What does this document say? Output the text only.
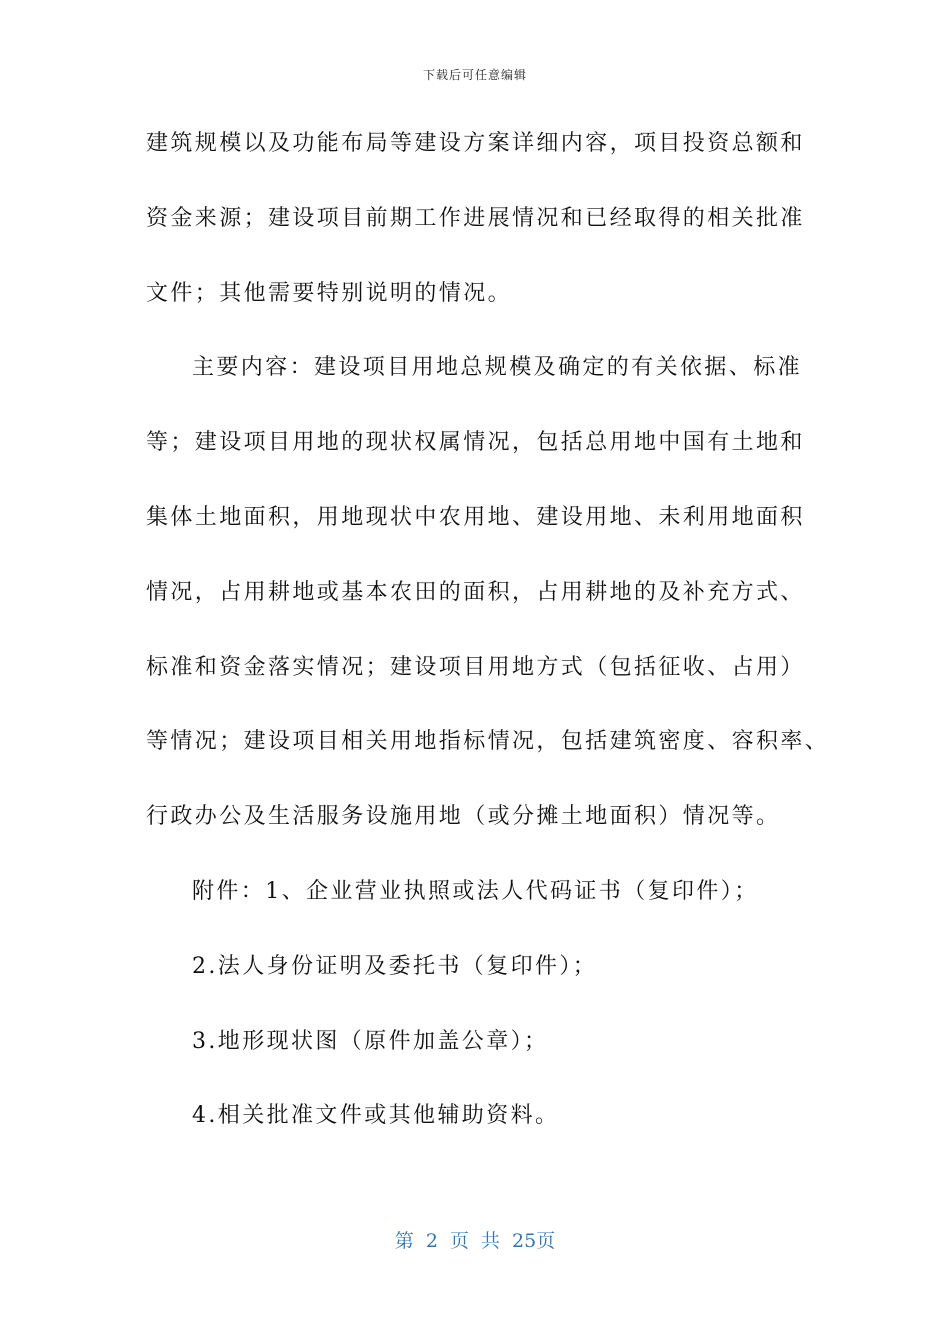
下载后可任意编辑
建筑规模以及功能布局等建设方案详细内容，项目投资总额和
资金来源；建设项目前期工作进展情况和已经取得的相关批准
文件；其他需要特别说明的情况。
主要内容：建设项目用地总规模及确定的有关依据、标准
等；建设项目用地的现状权属情况，包括总用地中国有土地和
集体土地面积，用地现状中农用地、建设用地、未利用地面积
情况，占用耕地或基本农田的面积，占用耕地的及补充方式、
标准和资金落实情况；建设项目用地方式（包括征收、占用）
等情况；建设项目相关用地指标情况，包括建筑密度、容积率、
行政办公及生活服务设施用地（或分摊土地面积）情况等。
附件：1、企业营业执照或法人代码证书（复印件）；
2.法人身份证明及委托书（复印件）；
3.地形现状图（原件加盖公章）；
4.相关批准文件或其他辅助资料。
第 2 页 共 25页
